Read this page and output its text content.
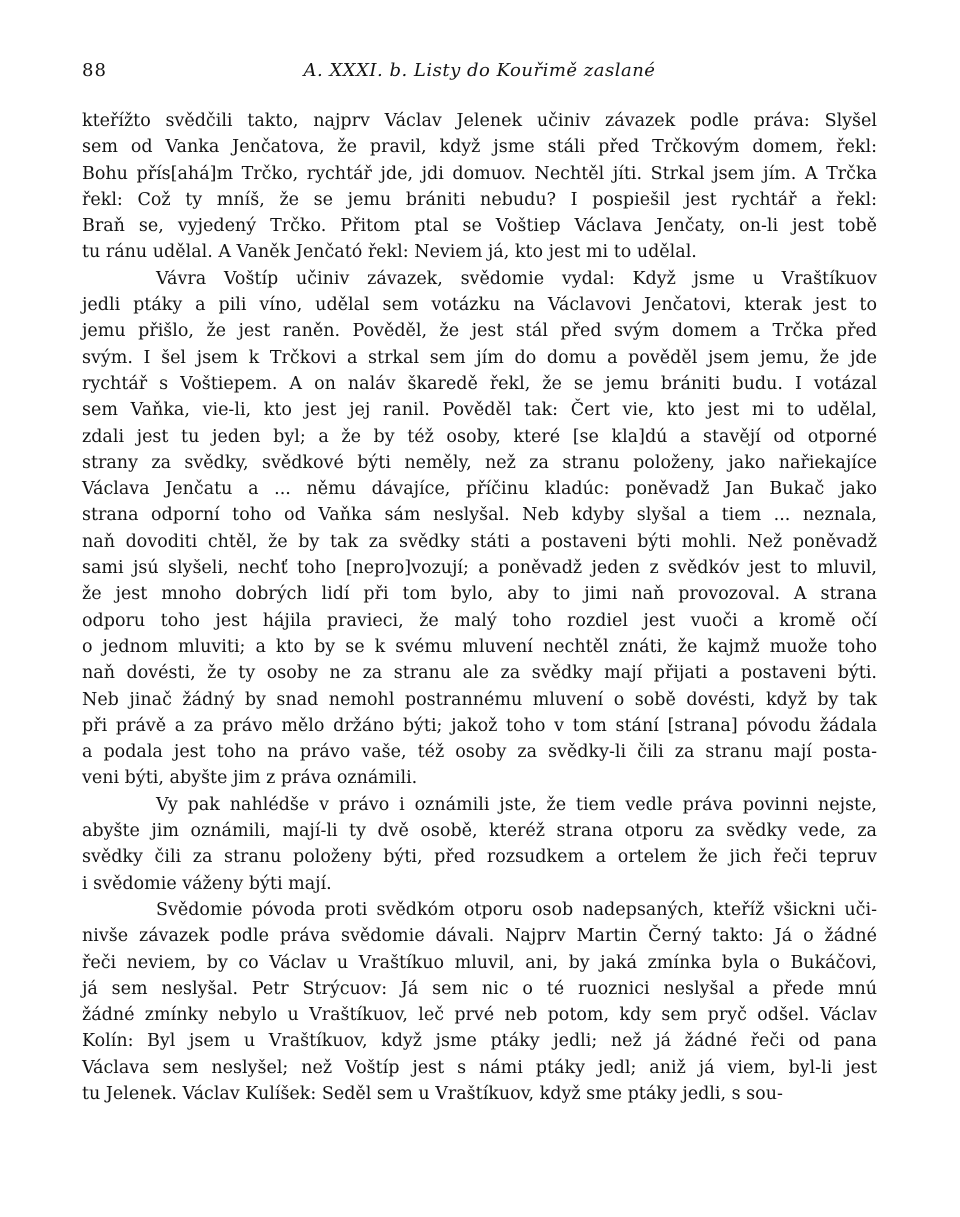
88	A. XXXI. b. Listy do Kouřimě zaslané
kteřížto svědčili takto, najprv Václav Jelenek učiniv závazek podle práva: Slyšel
sem od Vanka Jenčatova, že pravil, když jsme stáli před Trčkovým domem, řekl:
Bohu přís[ahá]m Trčko, rychtář jde, jdi domuov. Nechtěl jíti. Strkal jsem jím. A Trčka
řekl: Což ty mníš, že se jemu brániti nebudu? I pospiešil jest rychtář a řekl:
Braň se, vyjedený Trčko. Přitom ptal se Voštiep Václava Jenčaty, on-li jest tobě
tu ránu udělal. A Vaněk Jenčató řekl: Neviem já, kto jest mi to udělal.
Vávra Voštíp učiniv závazek, svědomie vydal: Když jsme u Vraštíkuov
jedli ptáky a pili víno, udělal sem votázku na Václavovi Jenčatovi, kterak jest to
jemu přišlo, že jest raněn. Pověděl, že jest stál před svým domem a Trčka před
svým. I šel jsem k Trčkovi a strkal sem jím do domu a pověděl jsem jemu, že jde
rychtář s Voštiepem. A on naláv škaredě řekl, že se jemu brániti budu. I votázal
sem Vaňka, vie-li, kto jest jej ranil. Pověděl tak: Čert vie, kto jest mi to udělal,
zdali jest tu jeden byl; a že by též osoby, které [se kla]dú a stavějí od otporné
strany za svědky, svědkové býti neměly, než za stranu položeny, jako nařiekajíce
Václava Jenčatu a ... němu dávajíce, příčinu kladúc: poněvadž Jan Bukač jako
strana odporní toho od Vaňka sám neslyšal. Neb kdyby slyšal a tiem ... neznala,
naň dovoditi chtěl, že by tak za svědky státi a postaveni býti mohli. Než poněvadž
sami jsú slyšeli, nechť toho [nepro]vozují; a poněvadž jeden z svědkóv jest to mluvil,
že jest mnoho dobrých lidí při tom bylo, aby to jimi naň provozoval. A strana
odporu toho jest hájila pravieci, že malý toho rozdiel jest vuoči a kromě očí
o jednom mluviti; a kto by se k svému mluvení nechtěl znáti, že kajmž muože toho
naň dovésti, že ty osoby ne za stranu ale za svědky mají přijati a postaveni býti.
Neb jinač žádný by snad nemohl postrannému mluvení o sobě dovésti, když by tak
při právě a za právo mělo držáno býti; jakož toho v tom stání [strana] póvodu žádala
a podala jest toho na právo vaše, též osoby za svědky-li čili za stranu mají posta-
veni býti, abyšte jim z práva oznámili.
Vy pak nahlédše v právo i oznámili jste, že tiem vedle práva povinni nejste,
abyšte jim oznámili, mají-li ty dvě osobě, kteréž strana otporu za svědky vede, za
svědky čili za stranu položeny býti, před rozsudkem a ortelem že jich řeči tepruv
i svědomie váženy býti mají.
Svědomie póvoda proti svědkóm otporu osob nadepsaných, kteříž všickni uči-
nivše závazek podle práva svědomie dávali. Najprv Martin Černý takto: Já o žádné
řeči neviem, by co Václav u Vraštíkuo mluvil, ani, by jaká zmínka byla o Bukáčovi,
já sem neslyšal. Petr Strýcuov: Já sem nic o té ruoznici neslyšal a přede mnú
žádné zmínky nebylo u Vraštíkuov, leč prvé neb potom, kdy sem pryč odšel. Václav
Kolín: Byl jsem u Vraštíkuov, když jsme ptáky jedli; než já žádné řeči od pana
Václava sem neslyšel; než Voštíp jest s námi ptáky jedl; aniž já viem, byl-li jest
tu Jelenek. Václav Kulíšek: Seděl sem u Vraštíkuov, když sme ptáky jedli, s sou-
